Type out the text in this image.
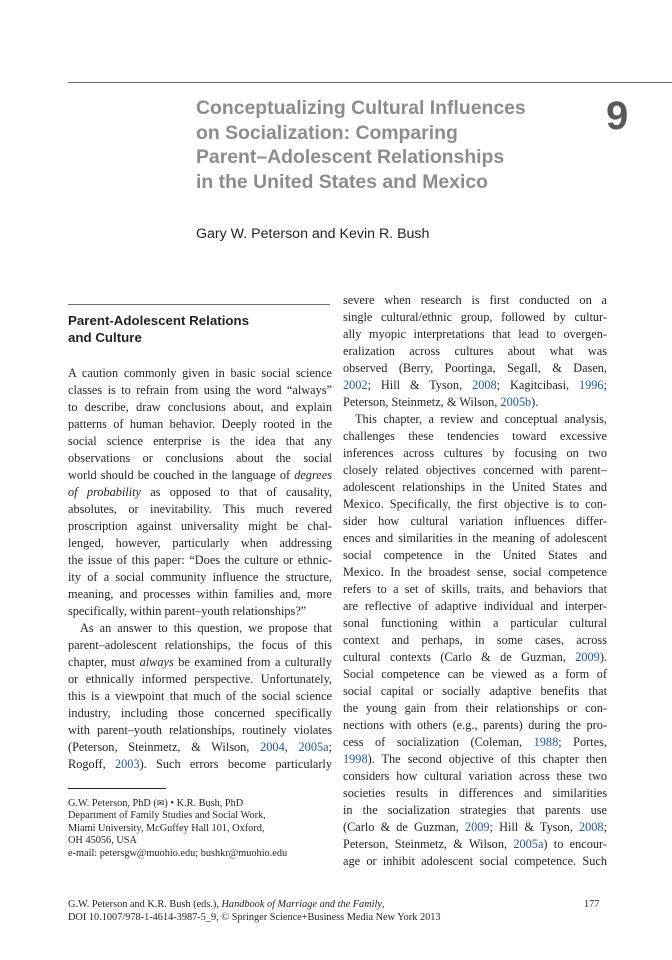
Conceptualizing Cultural Influences
on Socialization: Comparing
Parent–Adolescent Relationships
in the United States and Mexico
9
Gary W. Peterson and Kevin R. Bush
Parent-Adolescent Relations
and Culture
A caution commonly given in basic social science
classes is to refrain from using the word “always”
to describe, draw conclusions about, and explain
patterns of human behavior. Deeply rooted in the
social science enterprise is the idea that any
observations or conclusions about the social
world should be couched in the language of degrees
of probability as opposed to that of causality,
absolutes, or inevitability. This much revered
proscription against universality might be chal-
lenged, however, particularly when addressing
the issue of this paper: “Does the culture or ethnic-
ity of a social community influence the structure,
meaning, and processes within families and, more
specifically, within parent–youth relationships?”
As an answer to this question, we propose that
parent–adolescent relationships, the focus of this
chapter, must always be examined from a culturally
or ethnically informed perspective. Unfortunately,
this is a viewpoint that much of the social science
industry, including those concerned specifically
with parent–youth relationships, routinely violates
(Peterson, Steinmetz, & Wilson, 2004, 2005a;
Rogoff, 2003). Such errors become particularly
severe when research is first conducted on a
single cultural/ethnic group, followed by cultur-
ally myopic interpretations that lead to overgen-
eralization across cultures about what was
observed (Berry, Poortinga, Segall, & Dasen,
2002; Hill & Tyson, 2008; Kagitcibasi, 1996;
Peterson, Steinmetz, & Wilson, 2005b).
This chapter, a review and conceptual analysis,
challenges these tendencies toward excessive
inferences across cultures by focusing on two
closely related objectives concerned with parent–
adolescent relationships in the United States and
Mexico. Specifically, the first objective is to con-
sider how cultural variation influences differ-
ences and similarities in the meaning of adolescent
social competence in the United States and
Mexico. In the broadest sense, social competence
refers to a set of skills, traits, and behaviors that
are reflective of adaptive individual and interper-
sonal functioning within a particular cultural
context and perhaps, in some cases, across
cultural contexts (Carlo & de Guzman, 2009).
Social competence can be viewed as a form of
social capital or socially adaptive benefits that
the young gain from their relationships or con-
nections with others (e.g., parents) during the pro-
cess of socialization (Coleman, 1988; Portes,
1998). The second objective of this chapter then
considers how cultural variation across these two
societies results in differences and similarities
in the socialization strategies that parents use
(Carlo & de Guzman, 2009; Hill & Tyson, 2008;
Peterson, Steinmetz, & Wilson, 2005a) to encour-
age or inhibit adolescent social competence. Such
G.W. Peterson, PhD (✉) • K.R. Bush, PhD
Department of Family Studies and Social Work,
Miami University, McGuffey Hall 101, Oxford,
OH 45056, USA
e-mail: petersgw@muohio.edu; bushkr@muohio.edu
G.W. Peterson and K.R. Bush (eds.), Handbook of Marriage and the Family,
DOI 10.1007/978-1-4614-3987-5_9, © Springer Science+Business Media New York 2013
177
